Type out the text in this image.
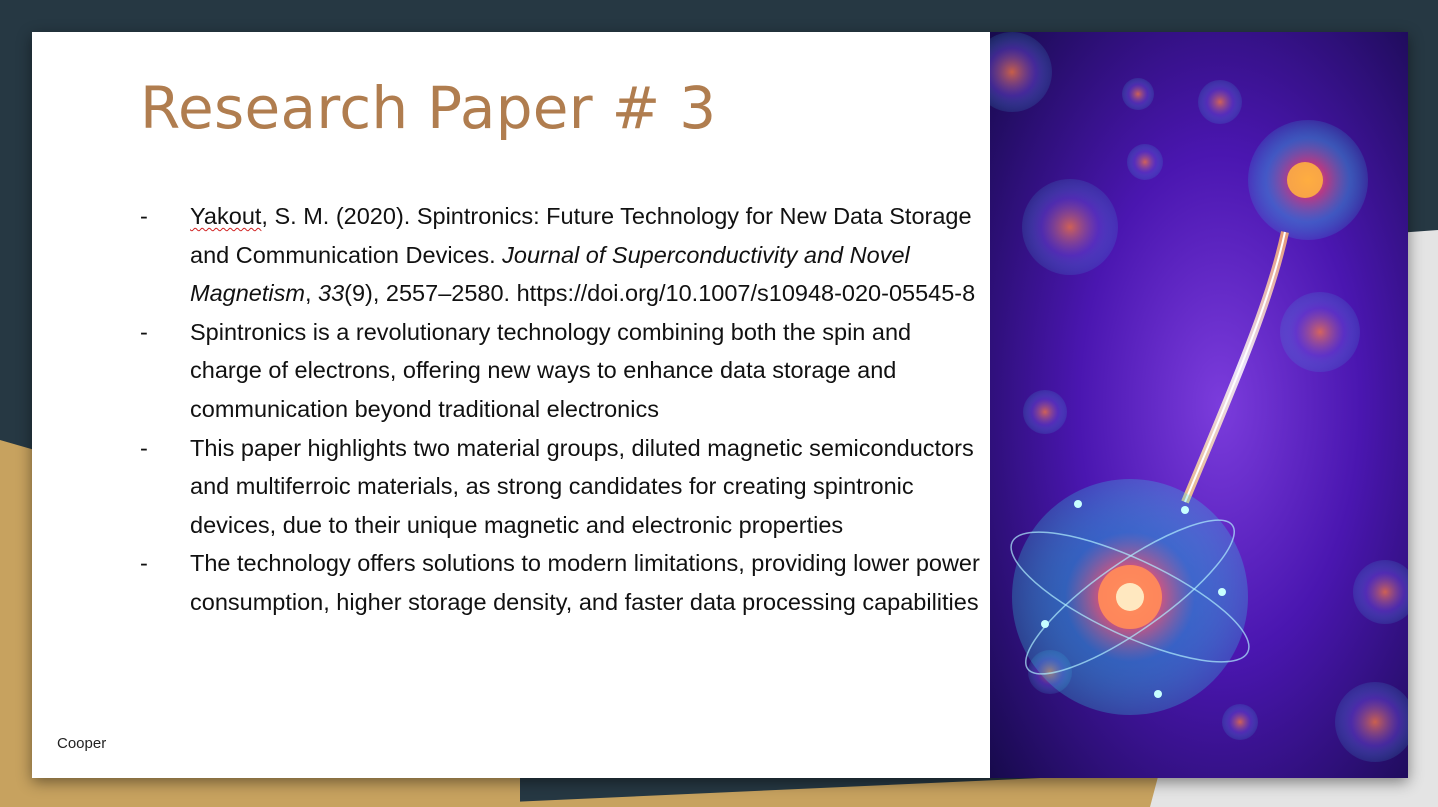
Research Paper # 3
- Yakout, S. M. (2020). Spintronics: Future Technology for New Data Storage and Communication Devices. Journal of Superconductivity and Novel Magnetism, 33(9), 2557–2580. https://doi.org/10.1007/s10948-020-05545-8
- Spintronics is a revolutionary technology combining both the spin and charge of electrons, offering new ways to enhance data storage and communication beyond traditional electronics
- This paper highlights two material groups, diluted magnetic semiconductors and multiferroic materials, as strong candidates for creating spintronic devices, due to their unique magnetic and electronic properties
- The technology offers solutions to modern limitations, providing lower power consumption, higher storage density, and faster data processing capabilities
Cooper
